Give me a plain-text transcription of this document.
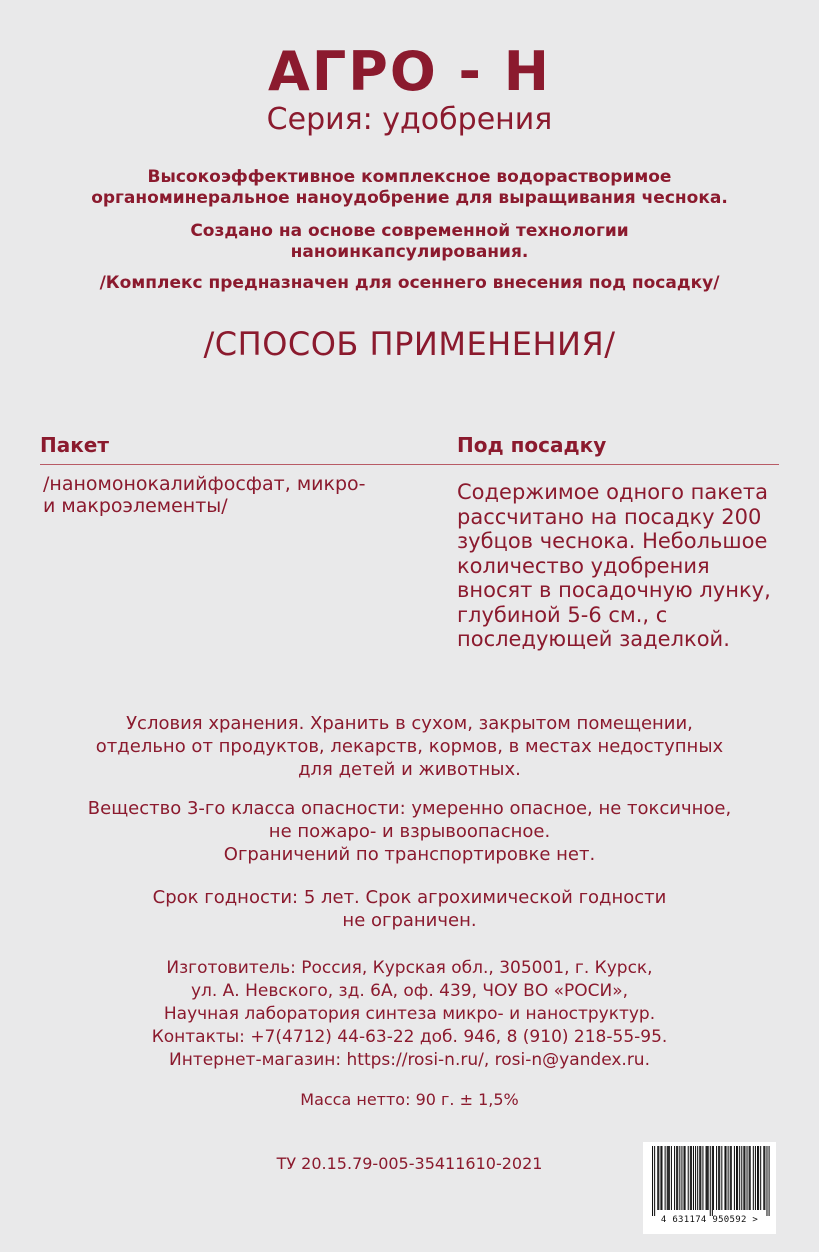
АГРО - Н
Серия: удобрения
Высокоэффективное комплексное водорастворимое
органоминеральное наноудобрение для выращивания чеснока.
Создано на основе современной технологии
наноинкапсулирования.
/Комплекс предназначен для осеннего внесения под посадку/
/СПОСОБ ПРИМЕНЕНИЯ/
Пакет	Под посадку
/наномонокалийфосфат, микро-
и макроэлементы/
Содержимое одного пакета
рассчитано на посадку 200
зубцов чеснока. Небольшое
количество удобрения
вносят в посадочную лунку,
глубиной 5-6 см., с
последующей заделкой.
Условия хранения. Хранить в сухом, закрытом помещении,
отдельно от продуктов, лекарств, кормов, в местах недоступных
для детей и животных.
Вещество 3-го класса опасности: умеренно опасное, не токсичное,
не пожаро- и взрывоопасное.
Ограничений по транспортировке нет.
Срок годности: 5 лет. Срок агрохимической годности
не ограничен.
Изготовитель: Россия, Курская обл., 305001, г. Курск,
ул. А. Невского, зд. 6А, оф. 439, ЧОУ ВО «РОСИ»,
Научная лаборатория синтеза микро- и наноструктур.
Контакты: +7(4712) 44-63-22 доб. 946, 8 (910) 218-55-95.
Интернет-магазин: https://rosi-n.ru/, rosi-n@yandex.ru.
Масса нетто: 90 г. ± 1,5%
ТУ 20.15.79-005-35411610-2021
4 631174 950592 >
